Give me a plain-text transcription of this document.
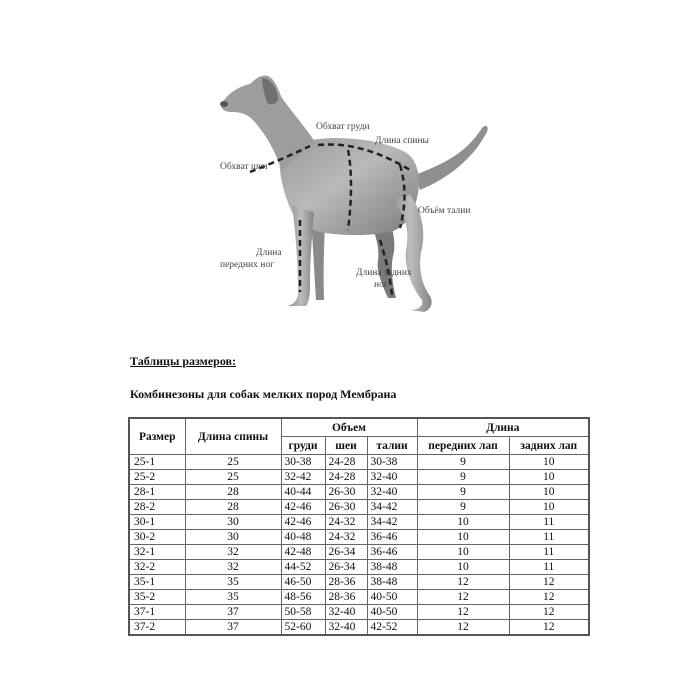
Обхват груди
Длина спины
Обхват шеи
Объём талии
Длина
передних ног
Длина задних
ног
Таблицы размеров:
Комбинезоны для собак мелких пород Мембрана
Размер	Длина спины	Объем			Длина	
		груди	шеи	талии	передних лап	задних лап
25-1	25	30-38	24-28	30-38	9	10
25-2	25	32-42	24-28	32-40	9	10
28-1	28	40-44	26-30	32-40	9	10
28-2	28	42-46	26-30	34-42	9	10
30-1	30	42-46	24-32	34-42	10	11
30-2	30	40-48	24-32	36-46	10	11
32-1	32	42-48	26-34	36-46	10	11
32-2	32	44-52	26-34	38-48	10	11
35-1	35	46-50	28-36	38-48	12	12
35-2	35	48-56	28-36	40-50	12	12
37-1	37	50-58	32-40	40-50	12	12
37-2	37	52-60	32-40	42-52	12	12
